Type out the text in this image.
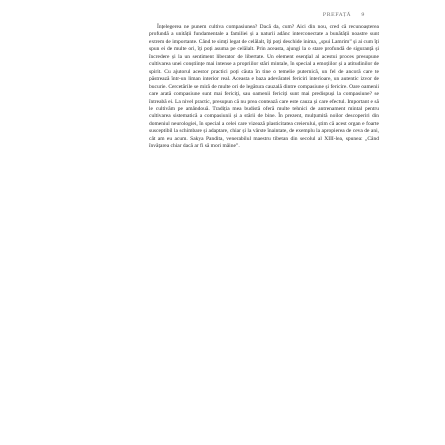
PREFAȚĂ 9

Înțelegerea ne punem cultiva compasiunea? Dacă da, cum? Aici din nou, cred că recunoașterea profundă a unității fundamentale a familiei și a naturii adânc interconectate a bunătății noastre sunt extrem de importante. Când te simți legat de celălalt, îți poți deschide inima, „spui Lamrim” și ai cum îți spun ei de multe ori, îți poți asuma pe celălalt. Prin aceasta, ajungi la o stare profundă de siguranță și încredere și la un sentiment liberator de libertate. Un element esențial al acestui proces presupune cultivarea unei conștiințe mai intense a propriilor stări mintale, în special a emoțiilor și a atitudinilor de spirit. Cu ajutorul acestor practici poți căuta în tine o temelie puternică, un fel de ancoră care te păstrează într-un liman interior real. Aceasta e baza adevăratei fericiri interioare, un autentic izvor de bucurie. Cercetările se miră de multe ori de legătura cauzală dintre compasiune și fericire. Oare oamenii care arată compasiune sunt mai fericiți, sau oamenii fericiți sunt mai predispuși la compasiune? se întreabă ei. La nivel practic, presupun că nu prea contează care este cauza și care efectul. Important e să le cultivăm pe amândouă. Tradiția mea budistă oferă multe tehnici de antrenament mintal pentru cultivarea sistematică a compasiunii și a stării de bine. În prezent, mulțumită noilor descoperiri din domeniul neurologiei, în special a celei care vizează plasticitatea creierului, știm că acest organ e foarte susceptibil la schimbare și adaptare, chiar și la vârste înaintate, de exemplu la apropierea de ceva de ani, cât am eu acum. Sakya Pandita, venerabilul maestru tibetan din secolul al XIII-lea, spunea: „Când învățarea chiar dacă ar fi să mori mâine”.
